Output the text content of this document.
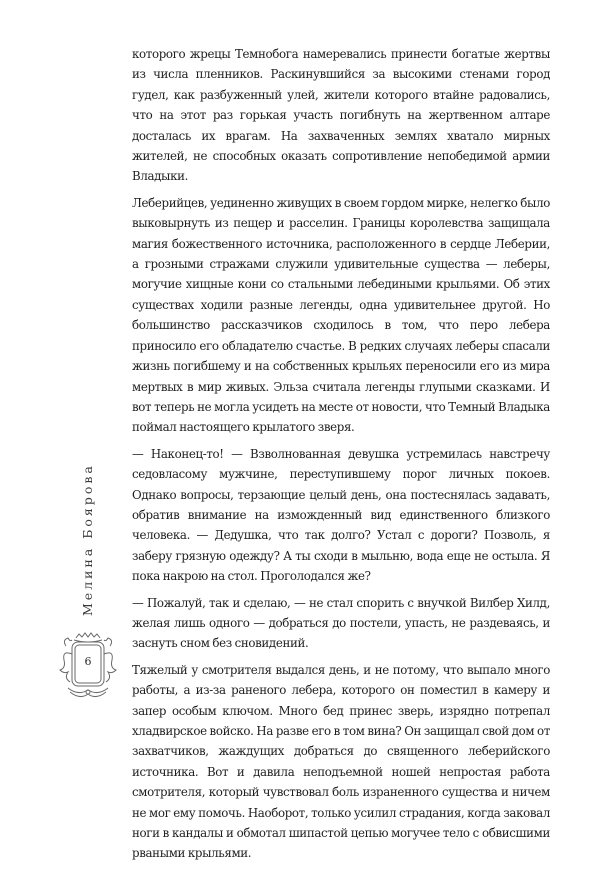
которого жрецы Темнобога намеревались принести богатые жертвы из числа пленников. Раскинувшийся за высокими стенами город гудел, как разбуженный улей, жители которого втайне радовались, что на этот раз горькая участь погибнуть на жертвенном алтаре досталась их врагам. На захваченных землях хватало мирных жителей, не способных оказать сопротивление непобедимой армии Владыки.

Леберийцев, уединенно живущих в своем гордом мирке, нелегко было выковырнуть из пещер и расселин. Границы королевства защищала магия божественного источника, расположенного в сердце Леберии, а грозными стражами служили удивительные существа — леберы, могучие хищные кони со стальными лебедиными крыльями. Об этих существах ходили разные легенды, одна удивительнее другой. Но большинство рассказчиков сходилось в том, что перо лебера приносило его обладателю счастье. В редких случаях леберы спасали жизнь погибшему и на собственных крыльях переносили его из мира мертвых в мир живых. Эльза считала легенды глупыми сказками. И вот теперь не могла усидеть на месте от новости, что Темный Владыка поймал настоящего крылатого зверя.

— Наконец-то! — Взволнованная девушка устремилась навстречу седовласому мужчине, переступившему порог личных покоев. Однако вопросы, терзающие целый день, она постеснялась задавать, обратив внимание на изможденный вид единственного близкого человека. — Дедушка, что так долго? Устал с дороги? Позволь, я заберу грязную одежду? А ты сходи в мыльню, вода еще не остыла. Я пока накрою на стол. Проголодался же?

— Пожалуй, так и сделаю, — не стал спорить с внучкой Вилбер Хилд, желая лишь одного — добраться до постели, упасть, не раздеваясь, и заснуть сном без сновидений.

Тяжелый у смотрителя выдался день, и не потому, что выпало много работы, а из-за раненого лебера, которого он поместил в камеру и запер особым ключом. Много бед принес зверь, изрядно потрепал хладвирское войско. На разве его в том вина? Он защищал свой дом от захватчиков, жаждущих добраться до священного леберийского источника. Вот и давила неподъемной ношей непростая работа смотрителя, который чувствовал боль израненного существа и ничем не мог ему помочь. Наоборот, только усилил страдания, когда заковал ноги в кандалы и обмотал шипастой цепью могучее тело с обвисшими рваными крыльями.

Мелина Боярова
6
